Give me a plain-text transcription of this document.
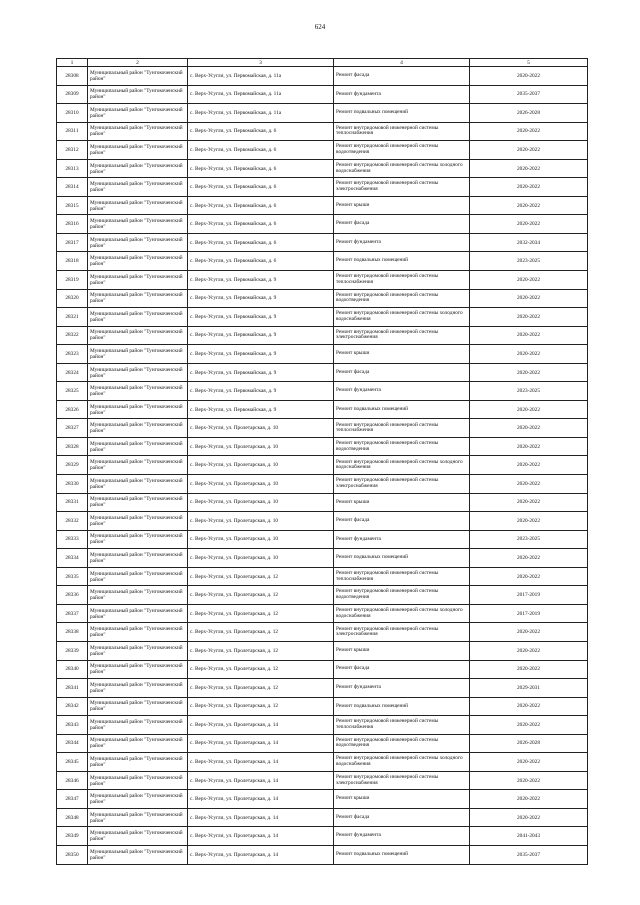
624
1	2	3	4	5
28308	Муниципальный район "Тунгокоченский район"	с. Верх-Усугли, ул. Первомайская, д. 11а	Ремонт фасада	2020-2022
28309	Муниципальный район "Тунгокоченский район"	с. Верх-Усугли, ул. Первомайская, д. 11а	Ремонт фундамента	2035-2037
28310	Муниципальный район "Тунгокоченский район"	с. Верх-Усугли, ул. Первомайская, д. 11а	Ремонт подвальных помещений	2026-2028
28311	Муниципальный район "Тунгокоченский район"	с. Верх-Усугли, ул. Первомайская, д. 6	Ремонт внутридомовой инженерной системы теплоснабжения	2020-2022
28312	Муниципальный район "Тунгокоченский район"	с. Верх-Усугли, ул. Первомайская, д. 6	Ремонт внутридомовой инженерной системы водоотведения	2020-2022
28313	Муниципальный район "Тунгокоченский район"	с. Верх-Усугли, ул. Первомайская, д. 6	Ремонт внутридомовой инженерной системы холодного водоснабжения	2020-2022
28314	Муниципальный район "Тунгокоченский район"	с. Верх-Усугли, ул. Первомайская, д. 6	Ремонт внутридомовой инженерной системы электроснабжения	2020-2022
28315	Муниципальный район "Тунгокоченский район"	с. Верх-Усугли, ул. Первомайская, д. 6	Ремонт крыши	2020-2022
28316	Муниципальный район "Тунгокоченский район"	с. Верх-Усугли, ул. Первомайская, д. 6	Ремонт фасада	2020-2022
28317	Муниципальный район "Тунгокоченский район"	с. Верх-Усугли, ул. Первомайская, д. 6	Ремонт фундамента	2032-2034
28318	Муниципальный район "Тунгокоченский район"	с. Верх-Усугли, ул. Первомайская, д. 6	Ремонт подвальных помещений	2023-2025
28319	Муниципальный район "Тунгокоченский район"	с. Верх-Усугли, ул. Первомайская, д. 9	Ремонт внутридомовой инженерной системы теплоснабжения	2020-2022
28320	Муниципальный район "Тунгокоченский район"	с. Верх-Усугли, ул. Первомайская, д. 9	Ремонт внутридомовой инженерной системы водоотведения	2020-2022
28321	Муниципальный район "Тунгокоченский район"	с. Верх-Усугли, ул. Первомайская, д. 9	Ремонт внутридомовой инженерной системы холодного водоснабжения	2020-2022
28322	Муниципальный район "Тунгокоченский район"	с. Верх-Усугли, ул. Первомайская, д. 9	Ремонт внутридомовой инженерной системы электроснабжения	2020-2022
28323	Муниципальный район "Тунгокоченский район"	с. Верх-Усугли, ул. Первомайская, д. 9	Ремонт крыши	2020-2022
28324	Муниципальный район "Тунгокоченский район"	с. Верх-Усугли, ул. Первомайская, д. 9	Ремонт фасада	2020-2022
28325	Муниципальный район "Тунгокоченский район"	с. Верх-Усугли, ул. Первомайская, д. 9	Ремонт фундамента	2023-2025
28326	Муниципальный район "Тунгокоченский район"	с. Верх-Усугли, ул. Первомайская, д. 9	Ремонт подвальных помещений	2020-2022
28327	Муниципальный район "Тунгокоченский район"	с. Верх-Усугли, ул. Пролетарская, д. 10	Ремонт внутридомовой инженерной системы теплоснабжения	2020-2022
28328	Муниципальный район "Тунгокоченский район"	с. Верх-Усугли, ул. Пролетарская, д. 10	Ремонт внутридомовой инженерной системы водоотведения	2020-2022
28329	Муниципальный район "Тунгокоченский район"	с. Верх-Усугли, ул. Пролетарская, д. 10	Ремонт внутридомовой инженерной системы холодного водоснабжения	2020-2022
28330	Муниципальный район "Тунгокоченский район"	с. Верх-Усугли, ул. Пролетарская, д. 10	Ремонт внутридомовой инженерной системы электроснабжения	2020-2022
28331	Муниципальный район "Тунгокоченский район"	с. Верх-Усугли, ул. Пролетарская, д. 10	Ремонт крыши	2020-2022
28332	Муниципальный район "Тунгокоченский район"	с. Верх-Усугли, ул. Пролетарская, д. 10	Ремонт фасада	2020-2022
28333	Муниципальный район "Тунгокоченский район"	с. Верх-Усугли, ул. Пролетарская, д. 10	Ремонт фундамента	2023-2025
28334	Муниципальный район "Тунгокоченский район"	с. Верх-Усугли, ул. Пролетарская, д. 10	Ремонт подвальных помещений	2020-2022
28335	Муниципальный район "Тунгокоченский район"	с. Верх-Усугли, ул. Пролетарская, д. 12	Ремонт внутридомовой инженерной системы теплоснабжения	2020-2022
28336	Муниципальный район "Тунгокоченский район"	с. Верх-Усугли, ул. Пролетарская, д. 12	Ремонт внутридомовой инженерной системы водоотведения	2017-2019
28337	Муниципальный район "Тунгокоченский район"	с. Верх-Усугли, ул. Пролетарская, д. 12	Ремонт внутридомовой инженерной системы холодного водоснабжения	2017-2019
28338	Муниципальный район "Тунгокоченский район"	с. Верх-Усугли, ул. Пролетарская, д. 12	Ремонт внутридомовой инженерной системы электроснабжения	2020-2022
28339	Муниципальный район "Тунгокоченский район"	с. Верх-Усугли, ул. Пролетарская, д. 12	Ремонт крыши	2020-2022
28340	Муниципальный район "Тунгокоченский район"	с. Верх-Усугли, ул. Пролетарская, д. 12	Ремонт фасада	2020-2022
28341	Муниципальный район "Тунгокоченский район"	с. Верх-Усугли, ул. Пролетарская, д. 12	Ремонт фундамента	2029-2031
28342	Муниципальный район "Тунгокоченский район"	с. Верх-Усугли, ул. Пролетарская, д. 12	Ремонт подвальных помещений	2020-2022
28343	Муниципальный район "Тунгокоченский район"	с. Верх-Усугли, ул. Пролетарская, д. 14	Ремонт внутридомовой инженерной системы теплоснабжения	2020-2022
28344	Муниципальный район "Тунгокоченский район"	с. Верх-Усугли, ул. Пролетарская, д. 14	Ремонт внутридомовой инженерной системы водоотведения	2026-2028
28345	Муниципальный район "Тунгокоченский район"	с. Верх-Усугли, ул. Пролетарская, д. 14	Ремонт внутридомовой инженерной системы холодного водоснабжения	2020-2022
28346	Муниципальный район "Тунгокоченский район"	с. Верх-Усугли, ул. Пролетарская, д. 14	Ремонт внутридомовой инженерной системы электроснабжения	2020-2022
28347	Муниципальный район "Тунгокоченский район"	с. Верх-Усугли, ул. Пролетарская, д. 14	Ремонт крыши	2020-2022
28348	Муниципальный район "Тунгокоченский район"	с. Верх-Усугли, ул. Пролетарская, д. 14	Ремонт фасада	2020-2022
28349	Муниципальный район "Тунгокоченский район"	с. Верх-Усугли, ул. Пролетарская, д. 14	Ремонт фундамента	2041-2043
28350	Муниципальный район "Тунгокоченский район"	с. Верх-Усугли, ул. Пролетарская, д. 14	Ремонт подвальных помещений	2035-2037
